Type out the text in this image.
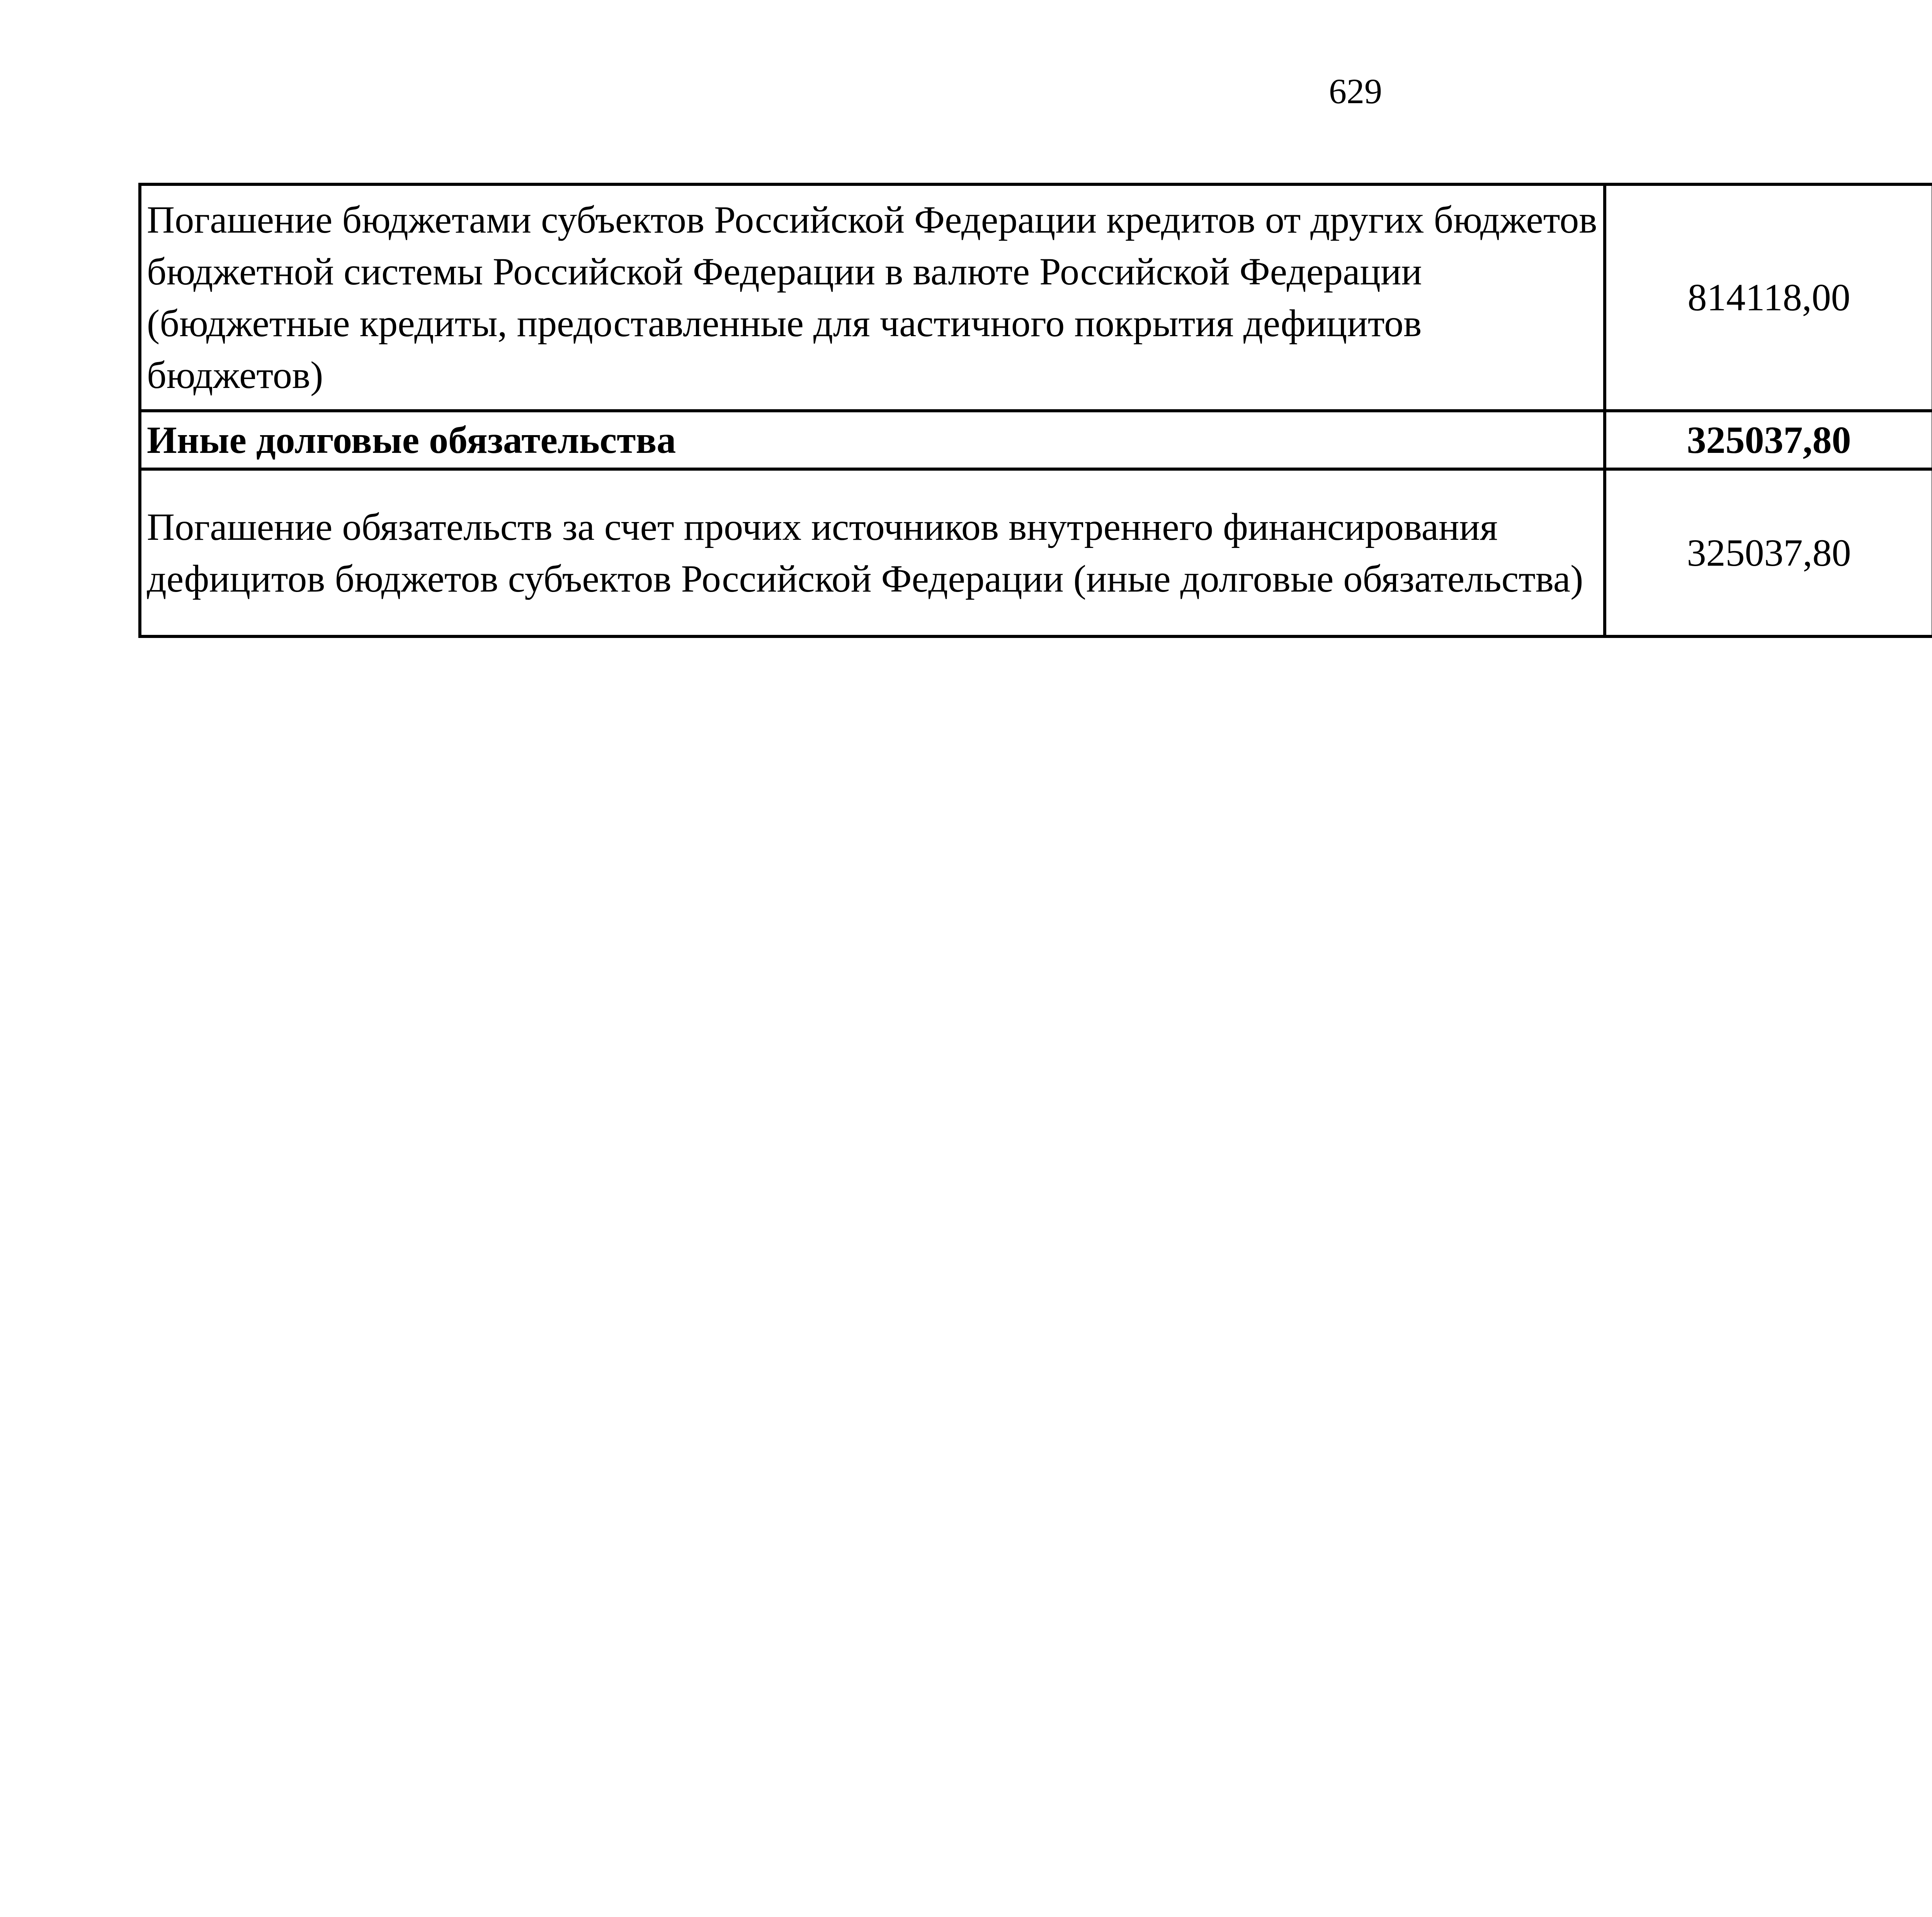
629
Погашение бюджетами субъектов Российской Федерации кредитов от других бюджетов бюджетной системы Российской Федерации в валюте Российской Федерации (бюджетные кредиты, предоставленные для частичного покрытия дефицитов бюджетов)	814118,00		
Иные долговые обязательства	325037,80		
Погашение обязательств за счет прочих источников внутреннего финансирования дефицитов бюджетов субъектов Российской Федерации (иные долговые обязательства)	325037,80		
